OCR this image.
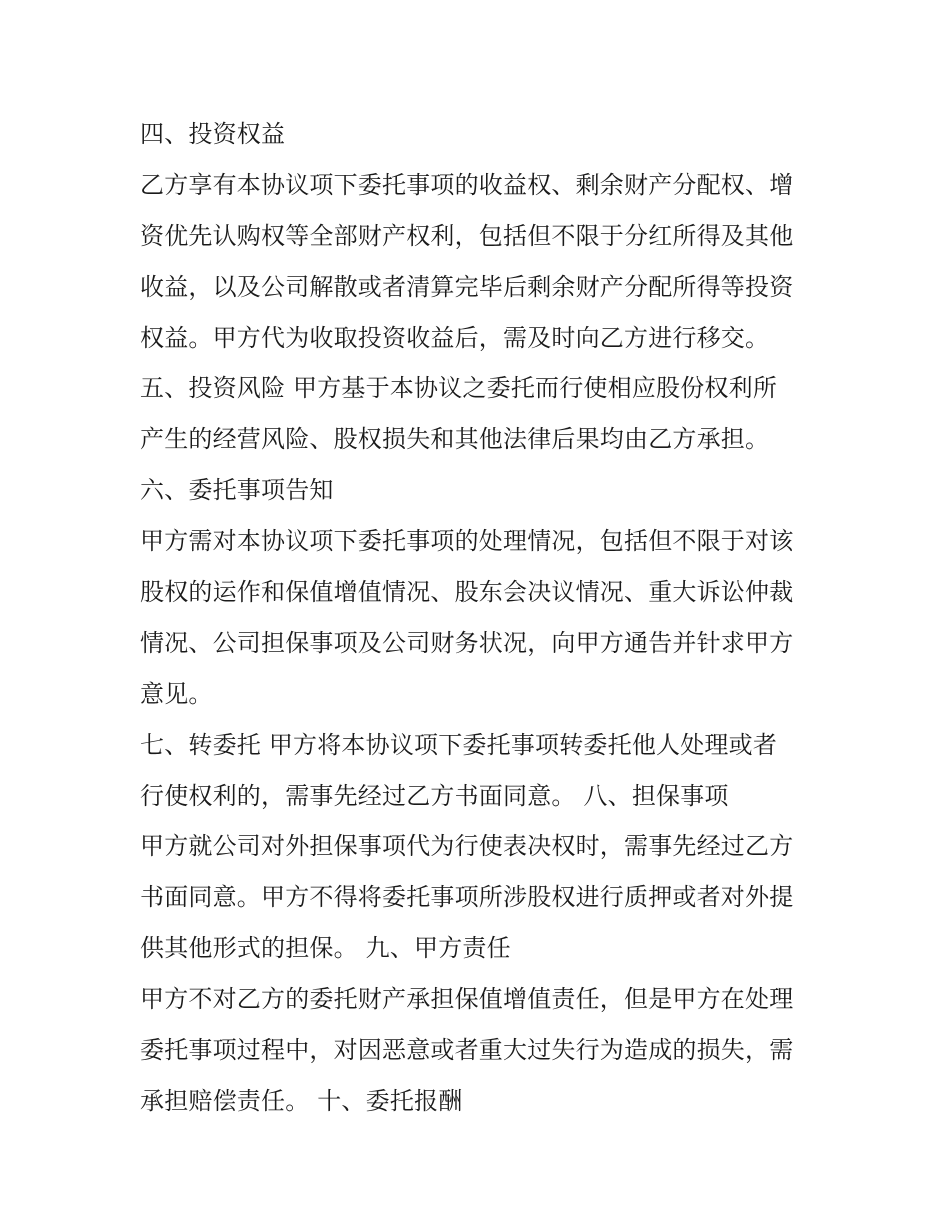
四、投资权益
乙方享有本协议项下委托事项的收益权、剩余财产分配权、增
资优先认购权等全部财产权利，包括但不限于分红所得及其他
收益，以及公司解散或者清算完毕后剩余财产分配所得等投资
权益。甲方代为收取投资收益后，需及时向乙方进行移交。
五、投资风险 甲方基于本协议之委托而行使相应股份权利所
产生的经营风险、股权损失和其他法律后果均由乙方承担。
六、委托事项告知
甲方需对本协议项下委托事项的处理情况，包括但不限于对该
股权的运作和保值增值情况、股东会决议情况、重大诉讼仲裁
情况、公司担保事项及公司财务状况，向甲方通告并针求甲方
意见。
七、转委托 甲方将本协议项下委托事项转委托他人处理或者
行使权利的，需事先经过乙方书面同意。 八、担保事项
甲方就公司对外担保事项代为行使表决权时，需事先经过乙方
书面同意。甲方不得将委托事项所涉股权进行质押或者对外提
供其他形式的担保。 九、甲方责任
甲方不对乙方的委托财产承担保值增值责任，但是甲方在处理
委托事项过程中，对因恶意或者重大过失行为造成的损失，需
承担赔偿责任。 十、委托报酬
